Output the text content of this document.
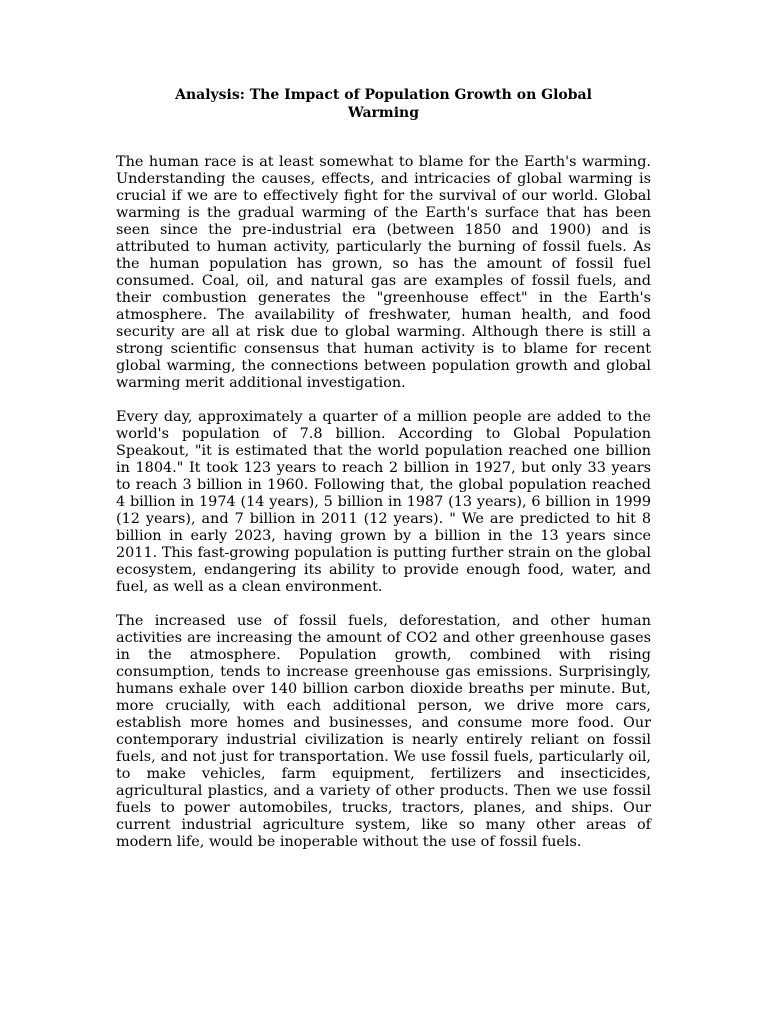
Analysis: The Impact of Population Growth on Global Warming

The human race is at least somewhat to blame for the Earth's warming. Understanding the causes, effects, and intricacies of global warming is crucial if we are to effectively fight for the survival of our world. Global warming is the gradual warming of the Earth's surface that has been seen since the pre-industrial era (between 1850 and 1900) and is attributed to human activity, particularly the burning of fossil fuels. As the human population has grown, so has the amount of fossil fuel consumed. Coal, oil, and natural gas are examples of fossil fuels, and their combustion generates the "greenhouse effect" in the Earth's atmosphere. The availability of freshwater, human health, and food security are all at risk due to global warming. Although there is still a strong scientific consensus that human activity is to blame for recent global warming, the connections between population growth and global warming merit additional investigation.

Every day, approximately a quarter of a million people are added to the world's population of 7.8 billion. According to Global Population Speakout, "it is estimated that the world population reached one billion in 1804." It took 123 years to reach 2 billion in 1927, but only 33 years to reach 3 billion in 1960. Following that, the global population reached 4 billion in 1974 (14 years), 5 billion in 1987 (13 years), 6 billion in 1999 (12 years), and 7 billion in 2011 (12 years). " We are predicted to hit 8 billion in early 2023, having grown by a billion in the 13 years since 2011. This fast-growing population is putting further strain on the global ecosystem, endangering its ability to provide enough food, water, and fuel, as well as a clean environment.

The increased use of fossil fuels, deforestation, and other human activities are increasing the amount of CO2 and other greenhouse gases in the atmosphere. Population growth, combined with rising consumption, tends to increase greenhouse gas emissions. Surprisingly, humans exhale over 140 billion carbon dioxide breaths per minute. But, more crucially, with each additional person, we drive more cars, establish more homes and businesses, and consume more food. Our contemporary industrial civilization is nearly entirely reliant on fossil fuels, and not just for transportation. We use fossil fuels, particularly oil, to make vehicles, farm equipment, fertilizers and insecticides, agricultural plastics, and a variety of other products. Then we use fossil fuels to power automobiles, trucks, tractors, planes, and ships. Our current industrial agriculture system, like so many other areas of modern life, would be inoperable without the use of fossil fuels.
